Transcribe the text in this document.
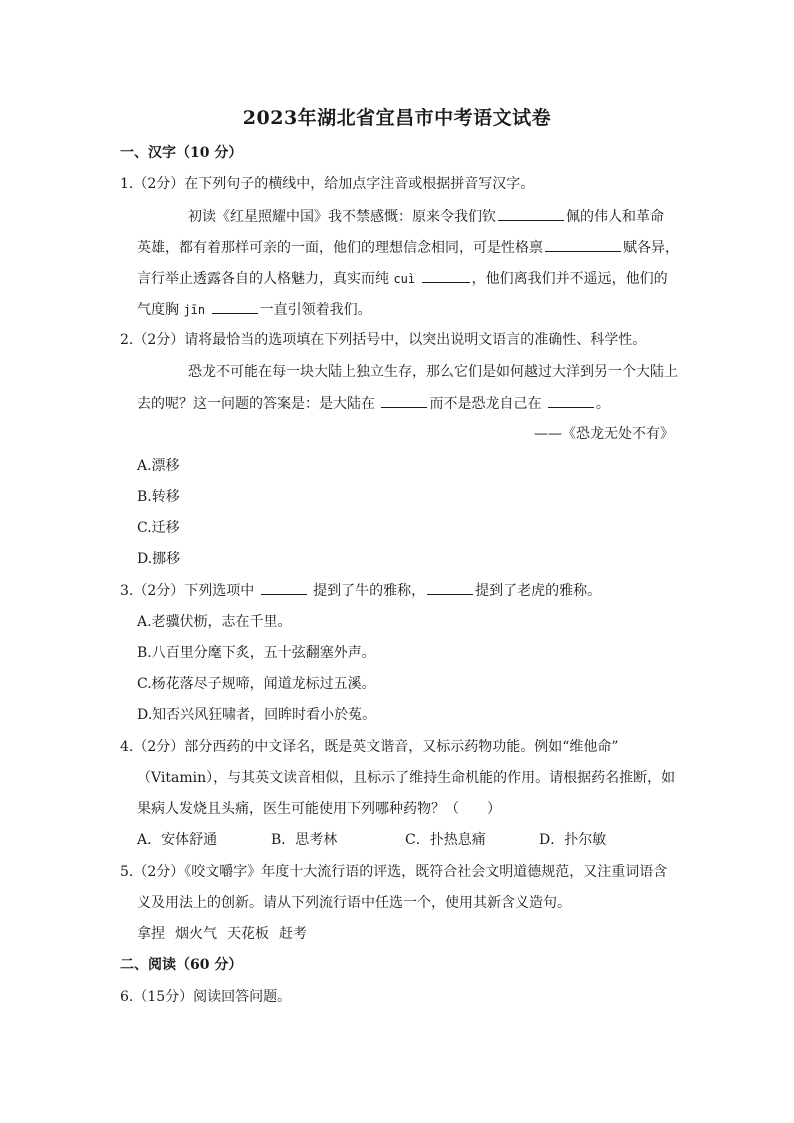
2023年湖北省宜昌市中考语文试卷
一、汉字（10 分）
1.（2分）在下列句子的横线中，给加点字注音或根据拼音写汉字。
初读《红星照耀中国》我不禁感慨：原来令我们钦	佩的伟人和革命
英雄，都有着那样可亲的一面，他们的理想信念相同，可是性格禀	赋各异，
言行举止透露各自的人格魅力，真实而纯 cuì	，他们离我们并不遥远，他们的
气度胸 jīn	一直引领着我们。
2.（2分）请将最恰当的选项填在下列括号中，以突出说明文语言的准确性、科学性。
恐龙不可能在每一块大陆上独立生存，那么它们是如何越过大洋到另一个大陆上
去的呢？这一问题的答案是：是大陆在	而不是恐龙自己在	。
——《恐龙无处不有》
A.漂移
B.转移
C.迁移
D.挪移
3.（2分）下列选项中	提到了牛的雅称，	提到了老虎的雅称。
A.老骥伏枥，志在千里。
B.八百里分麾下炙，五十弦翻塞外声。
C.杨花落尽子规啼，闻道龙标过五溪。
D.知否兴风狂啸者，回眸时看小於菟。
4.（2分）部分西药的中文译名，既是英文谐音，又标示药物功能。例如“维他命”
（Vitamin），与其英文读音相似，且标示了维持生命机能的作用。请根据药名推断，如
果病人发烧且头痛，医生可能使用下列哪种药物？（　　）
A．安体舒通	B．思考林	C．扑热息痛	D．扑尔敏
5.（2分）《咬文嚼字》年度十大流行语的评选，既符合社会文明道德规范，又注重词语含
义及用法上的创新。请从下列流行语中任选一个，使用其新含义造句。
拿捏 烟火气 天花板 赶考
二、阅读（60 分）
6.（15分）阅读回答问题。
